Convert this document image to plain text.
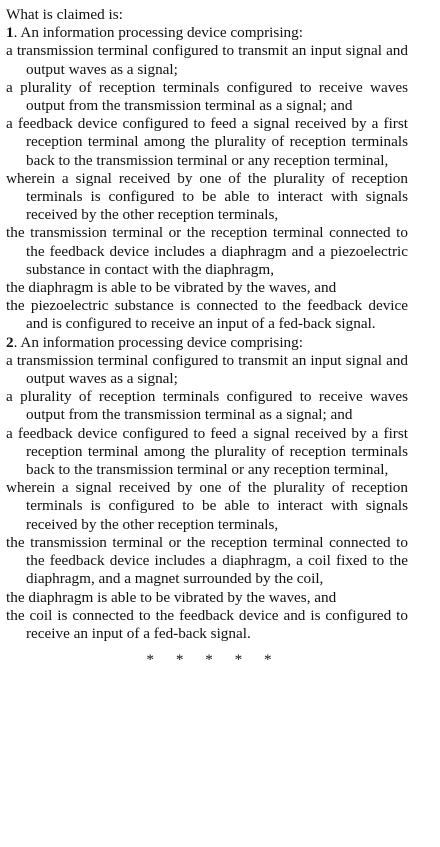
What is claimed is:

1. An information processing device comprising:

a transmission terminal configured to transmit an input signal and output waves as a signal;

a plurality of reception terminals configured to receive waves output from the transmission terminal as a signal; and

a feedback device configured to feed a signal received by a first reception terminal among the plurality of reception terminals back to the transmission terminal or any reception terminal,

wherein a signal received by one of the plurality of reception terminals is configured to be able to interact with signals received by the other reception terminals,

the transmission terminal or the reception terminal connected to the feedback device includes a diaphragm and a piezoelectric substance in contact with the diaphragm,

the diaphragm is able to be vibrated by the waves, and

the piezoelectric substance is connected to the feedback device and is configured to receive an input of a fed-back signal.

2. An information processing device comprising:

a transmission terminal configured to transmit an input signal and output waves as a signal;

a plurality of reception terminals configured to receive waves output from the transmission terminal as a signal; and

a feedback device configured to feed a signal received by a first reception terminal among the plurality of reception terminals back to the transmission terminal or any reception terminal,

wherein a signal received by one of the plurality of reception terminals is configured to be able to interact with signals received by the other reception terminals,

the transmission terminal or the reception terminal connected to the feedback device includes a diaphragm, a coil fixed to the diaphragm, and a magnet surrounded by the coil,

the diaphragm is able to be vibrated by the waves, and

the coil is connected to the feedback device and is configured to receive an input of a fed-back signal.

* * * * *
